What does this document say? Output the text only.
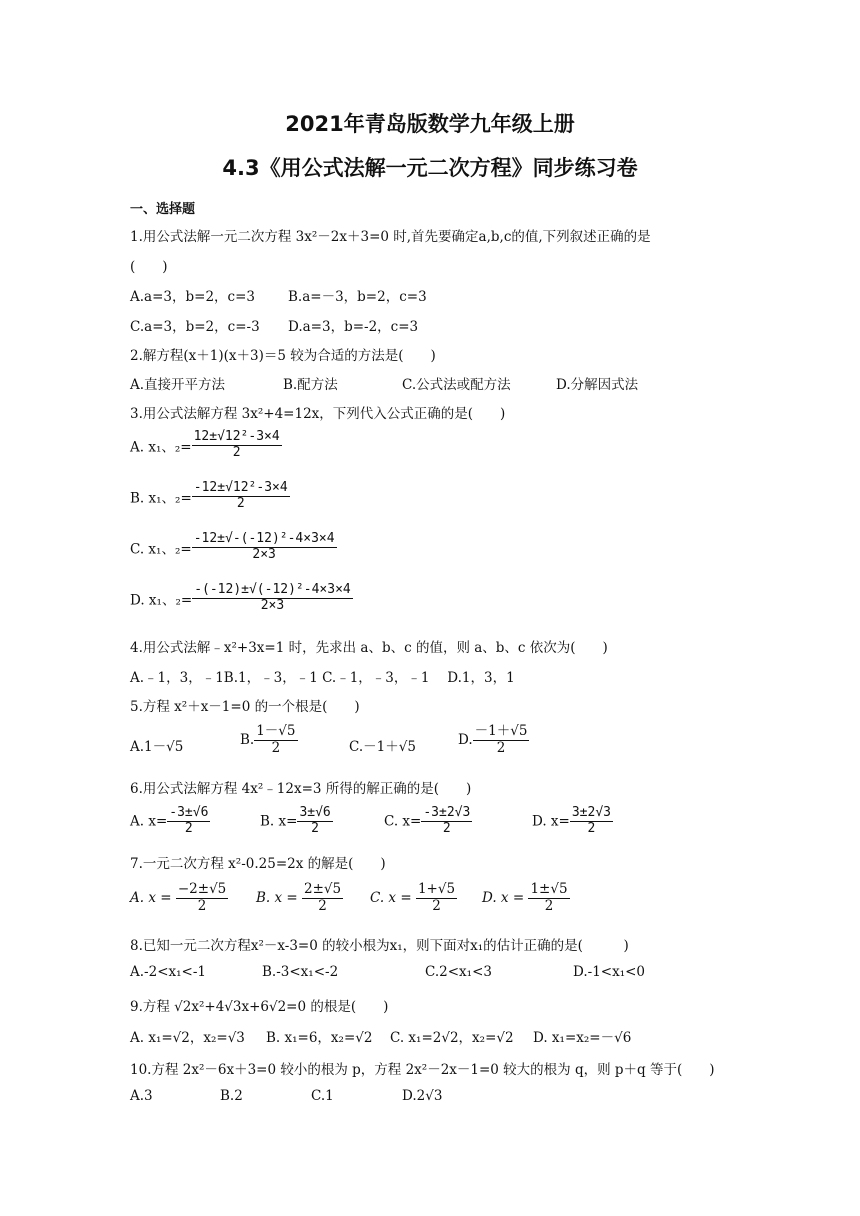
2021年青岛版数学九年级上册
4.3《用公式法解一元二次方程》同步练习卷
一、选择题
1.用公式法解一元二次方程 3x²－2x＋3=0 时,首先要确定a,b,c的值,下列叙述正确的是
(　　)
A.a=3，b=2，c=3 B.a=－3，b=2，c=3
C.a=3，b=2，c=-3 D.a=3，b=-2，c=3
2.解方程(x＋1)(x＋3)＝5 较为合适的方法是(　　)
A.直接开平方法	B.配方法	C.公式法或配方法	D.分解因式法
3.用公式法解方程 3x²+4=12x，下列代入公式正确的是(　　)
A. x₁、$_2= \frac{\text{12±√12²-3×4}}{2}$
B. x₁、$_2= \frac{\text{-12±√12²-3×4}}{2}$
C. x₁、$_2= \frac{\text{-12±√-(-12)²-4×3×4}}{2\times 3}$
D. x₁、$_2= \frac{\text{-(-12)±√(-12)²-4×3×4}}{2\times 3}$
4.用公式法解﹣x²+3x=1 时，先求出 a、b、c 的值，则 a、b、c 依次为(　　)
A.﹣1，3，﹣1B.1，﹣3，﹣1 C.﹣1，﹣3，﹣1　 D.1，3，1
5.方程 x²＋x－1=0 的一个根是(　　)
A.1－√5	B. $\frac{1-√5}{2}$	C.－1＋√5	D. $\frac{-1+√5}{2}$
6.用公式法解方程 4x²﹣12x=3 所得的解正确的是(　　)
A. $x= \frac{-3\pm√6}{2}$	B. $x= \frac{3\pm√6}{2}$	C. $x= \frac{-3\pm 2√3}{2}$	D. $x= \frac{3\pm 2√3}{2}$
7.一元二次方程 x²-0.25=2x 的解是(　　)
A. $x = \frac{-2\pm√5}{2} B$. $x = \frac{2\pm√5}{2} C$. $x = \frac{1+√5}{2} D$. $x = \frac{1\pm√5}{2}$
8.已知一元二次方程x²－x-3=0 的较小根为x₁，则下面对x₁的估计正确的是(　　　)
A.-2<x₁<-1	B.-3<x₁<-2	C.2<x₁<3	D.-1<x₁<0
9.方程 √2x²+4√3x+6√2=0 的根是(　　)
A. x₁=√2，x₂=√3 B. x₁=6，x₂=√2 C. x₁=2√2，x₂=√2 D. x₁=x₂=－√6
10.方程 2x²－6x＋3=0 较小的根为 p，方程 2x²－2x－1=0 较大的根为 q，则 p＋q 等于(　　)
A.3	B.2	C.1	D.2√3
